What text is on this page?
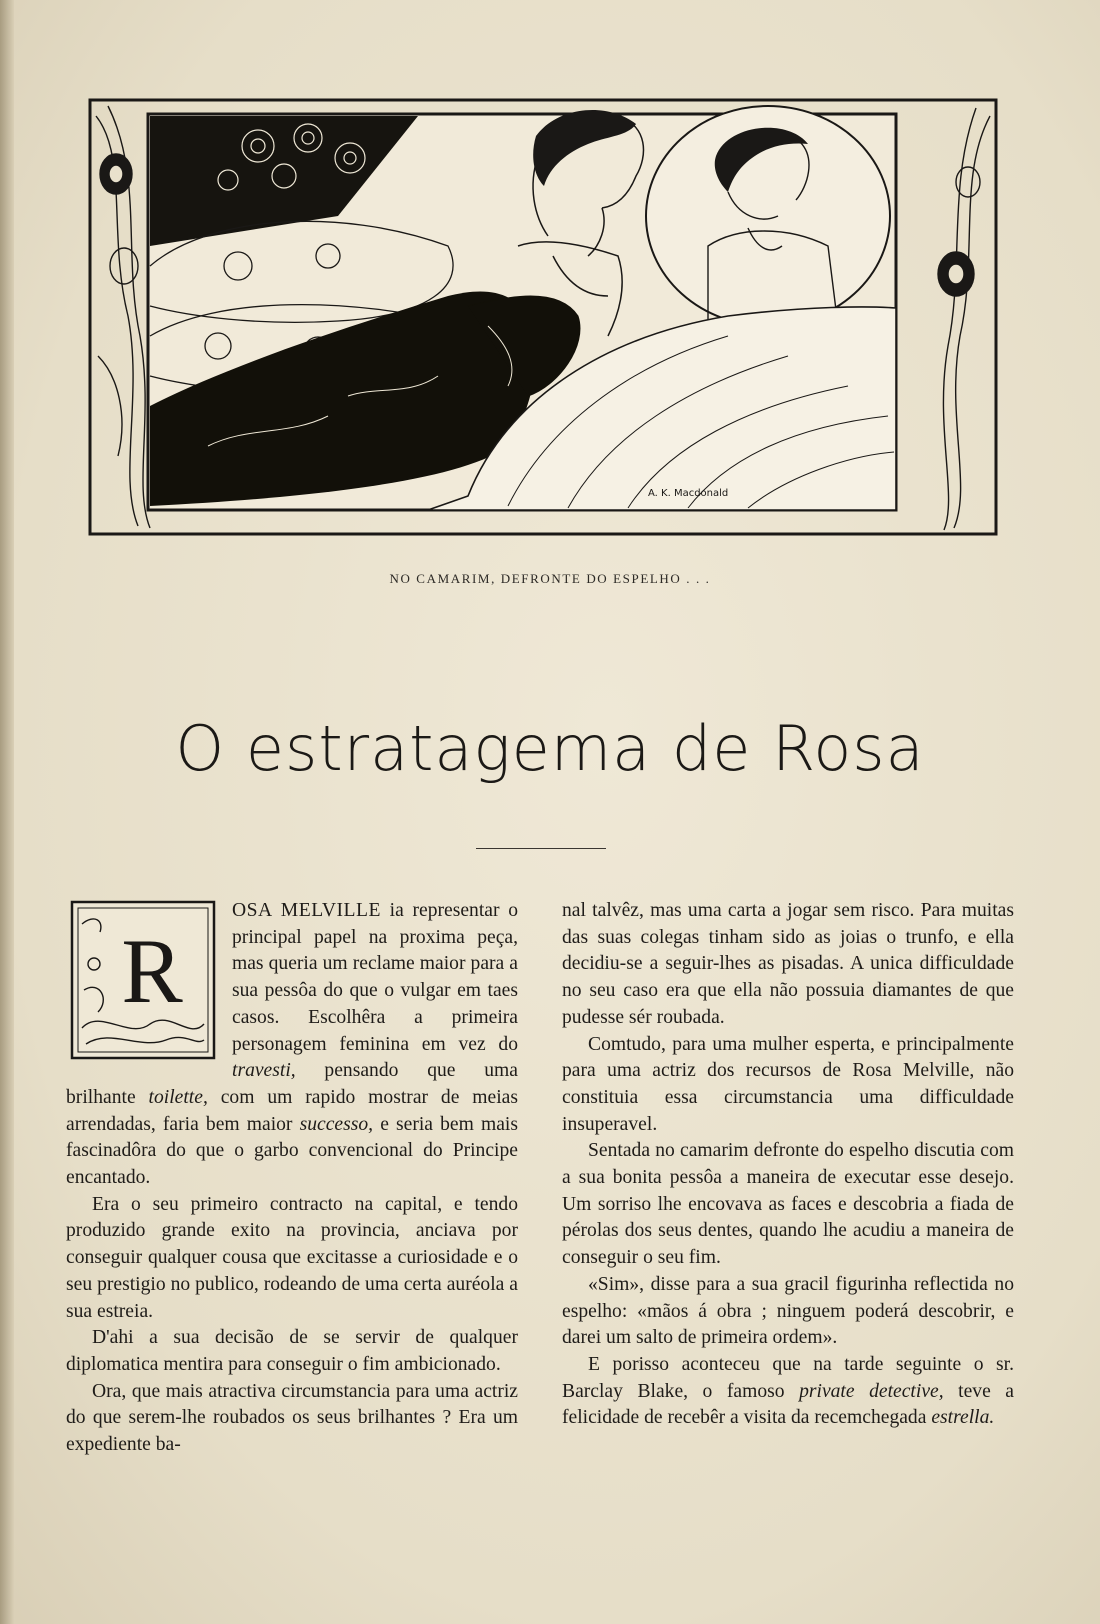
A. K. Macdonald
NO CAMARIM, DEFRONTE DO ESPELHO . . .
O estratagema de Rosa
R

OSA MELVILLE ia representar o principal papel na proxima peça, mas queria um reclame maior para a sua pessôa do que o vulgar em taes casos. Escolhêra a primeira personagem feminina em vez do travesti, pensando que uma brilhante toilette, com um rapido mostrar de meias arrendadas, faria bem maior successo, e seria bem mais fascinadôra do que o garbo convencional do Principe encantado.

Era o seu primeiro contracto na capital, e tendo produzido grande exito na provincia, anciava por conseguir qualquer cousa que excitasse a curiosidade e o seu prestigio no publico, rodeando de uma certa auréola a sua estreia.

D'ahi a sua decisão de se servir de qualquer diplomatica mentira para conseguir o fim ambicionado.

Ora, que mais atractiva circumstancia para uma actriz do que serem-lhe roubados os seus brilhantes ? Era um expediente ba-

nal talvêz, mas uma carta a jogar sem risco. Para muitas das suas colegas tinham sido as joias o trunfo, e ella decidiu-se a seguir-lhes as pisadas. A unica difficuldade no seu caso era que ella não possuia diamantes de que pudesse sér roubada.

Comtudo, para uma mulher esperta, e principalmente para uma actriz dos recursos de Rosa Melville, não constituia essa circumstancia uma difficuldade insuperavel.

Sentada no camarim defronte do espelho discutia com a sua bonita pessôa a maneira de executar esse desejo. Um sorriso lhe encovava as faces e descobria a fiada de pérolas dos seus dentes, quando lhe acudiu a maneira de conseguir o seu fim.

«Sim», disse para a sua gracil figurinha reflectida no espelho: «mãos á obra ; ninguem poderá descobrir, e darei um salto de primeira ordem».

E porisso aconteceu que na tarde seguinte o sr. Barclay Blake, o famoso private detective, teve a felicidade de recebêr a visita da recemchegada estrella.
